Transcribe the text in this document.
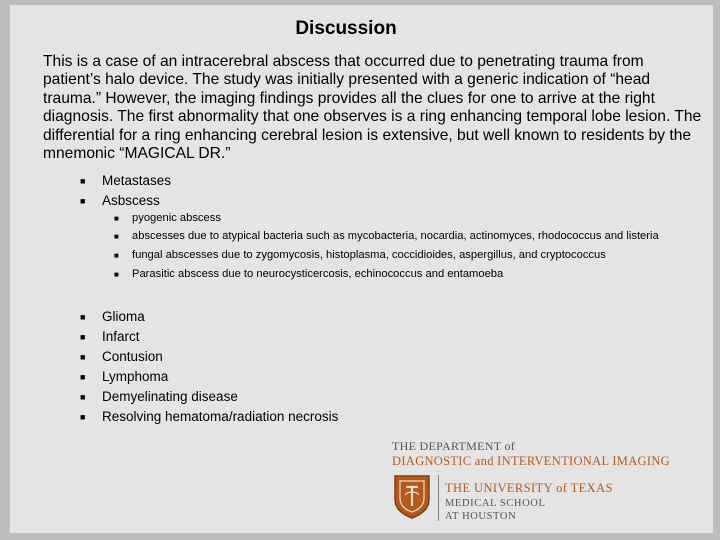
Discussion

This is a case of an intracerebral abscess that occurred due to penetrating trauma from patient’s halo device. The study was initially presented with a generic indication of “head trauma.” However, the imaging findings provides all the clues for one to arrive at the right diagnosis. The first abnormality that one observes is a ring enhancing temporal lobe lesion. The differential for a ring enhancing cerebral lesion is extensive, but well known to residents by the mnemonic “MAGICAL DR.”

■ Metastases
■ Asbscess
■ pyogenic abscess
■ abscesses due to atypical bacteria such as mycobacteria, nocardia, actinomyces, rhodococcus and listeria
■ fungal abscesses due to zygomycosis, histoplasma, coccidioides, aspergillus, and cryptococcus
■ Parasitic abscess due to neurocysticercosis, echinococcus and entamoeba
■ Glioma
■ Infarct
■ Contusion
■ Lymphoma
■ Demyelinating disease
■ Resolving hematoma/radiation necrosis
THE DEPARTMENT of
DIAGNOSTIC and INTERVENTIONAL IMAGING
THE UNIVERSITY of TEXAS
MEDICAL SCHOOL
AT HOUSTON
